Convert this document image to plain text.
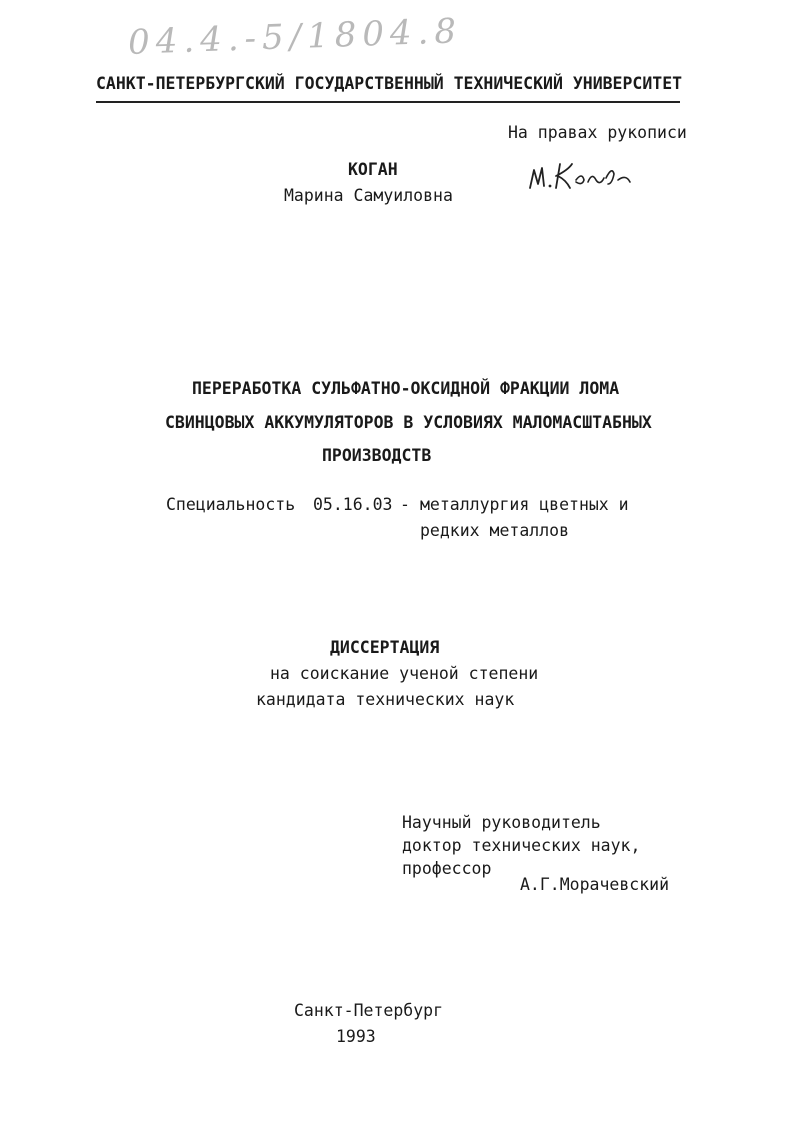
04.4.-5/1804.8
САНКТ-ПЕТЕРБУРГСКИЙ ГОСУДАРСТВЕННЫЙ ТЕХНИЧЕСКИЙ УНИВЕРСИТЕТ
На правах рукописи
КОГАН
Марина Самуиловна
ПЕРЕРАБОТКА СУЛЬФАТНО-ОКСИДНОЙ ФРАКЦИИ ЛОМА
СВИНЦОВЫХ АККУМУЛЯТОРОВ В УСЛОВИЯХ МАЛОМАСШТАБНЫХ
ПРОИЗВОДСТВ
Специальность 05.16.03 - металлургия цветных и
редких металлов
ДИССЕРТАЦИЯ
на соискание ученой степени
кандидата технических наук
Научный руководитель
доктор технических наук,
профессор
А.Г.Морачевский
Санкт-Петербург
1993
